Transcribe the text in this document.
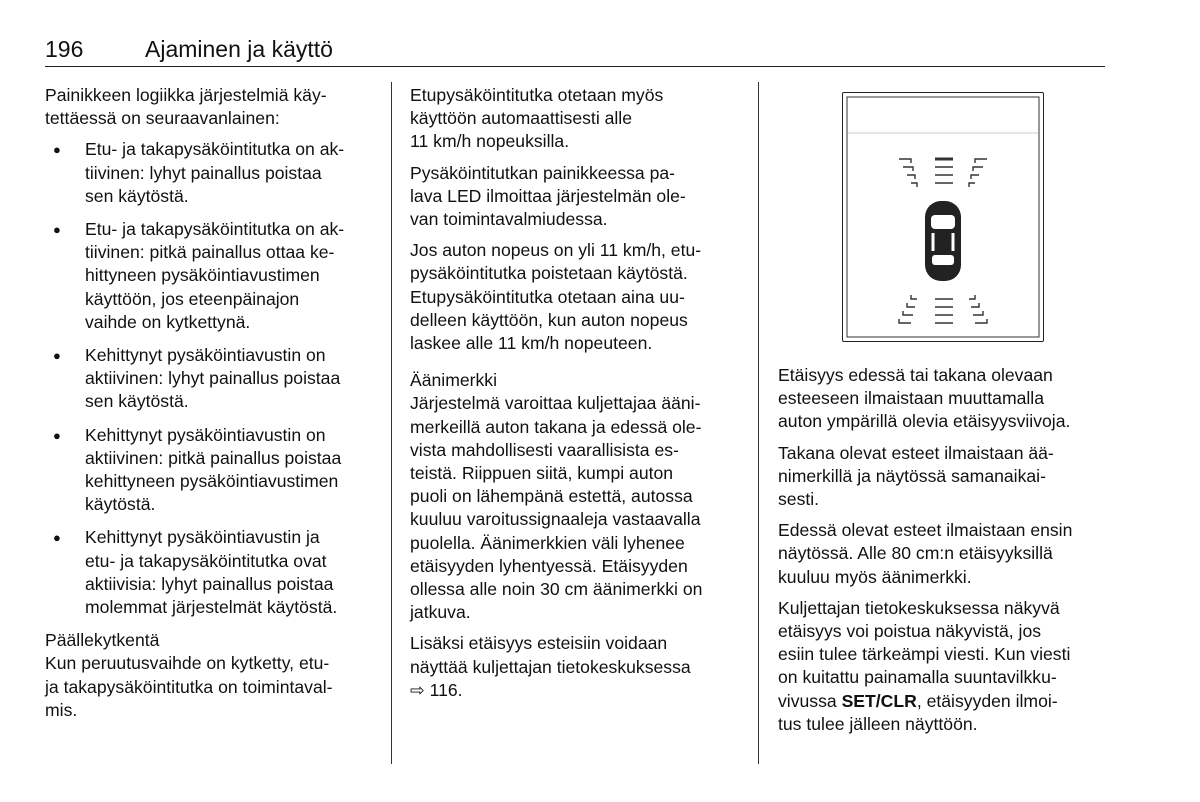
196	Ajaminen ja käyttö

Painikkeen logiikka järjestelmiä käy-
tettäessä on seuraavanlainen:

● Etu- ja takapysäköintitutka on ak-
tiivinen: lyhyt painallus poistaa
sen käytöstä.
● Etu- ja takapysäköintitutka on ak-
tiivinen: pitkä painallus ottaa ke-
hittyneen pysäköintiavustimen
käyttöön, jos eteenpäinajon
vaihde on kytkettynä.
● Kehittynyt pysäköintiavustin on
aktiivinen: lyhyt painallus poistaa
sen käytöstä.
● Kehittynyt pysäköintiavustin on
aktiivinen: pitkä painallus poistaa
kehittyneen pysäköintiavustimen
käytöstä.
● Kehittynyt pysäköintiavustin ja
etu- ja takapysäköintitutka ovat
aktiivisia: lyhyt painallus poistaa
molemmat järjestelmät käytöstä.
Päällekytkentä

Kun peruutusvaihde on kytketty, etu-
ja takapysäköintitutka on toimintaval-
mis.

Etupysäköintitutka otetaan myös
käyttöön automaattisesti alle
11 km/h nopeuksilla.

Pysäköintitutkan painikkeessa pa-
lava LED ilmoittaa järjestelmän ole-
van toimintavalmiudessa.

Jos auton nopeus on yli 11 km/h, etu-
pysäköintitutka poistetaan käytöstä.
Etupysäköintitutka otetaan aina uu-
delleen käyttöön, kun auton nopeus
laskee alle 11 km/h nopeuteen.

Äänimerkki

Järjestelmä varoittaa kuljettajaa ääni-
merkeillä auton takana ja edessä ole-
vista mahdollisesti vaarallisista es-
teistä. Riippuen siitä, kumpi auton
puoli on lähempänä estettä, autossa
kuuluu varoitussignaaleja vastaavalla
puolella. Äänimerkkien väli lyhenee
etäisyyden lyhentyessä. Etäisyyden
ollessa alle noin 30 cm äänimerkki on
jatkuva.

Lisäksi etäisyys esteisiin voidaan
näyttää kuljettajan tietokeskuksessa

⇨ 116.

Etäisyys edessä tai takana olevaan
esteeseen ilmaistaan muuttamalla
auton ympärillä olevia etäisyysviivoja.

Takana olevat esteet ilmaistaan ää-
nimerkillä ja näytössä samanaikai-
sesti.

Edessä olevat esteet ilmaistaan ensin
näytössä. Alle 80 cm:n etäisyyksillä
kuuluu myös äänimerkki.

Kuljettajan tietokeskuksessa näkyvä
etäisyys voi poistua näkyvistä, jos
esiin tulee tärkeämpi viesti. Kun viesti
on kuitattu painamalla suuntavilkku-
vivussa SET/CLR, etäisyyden ilmoi-
tus tulee jälleen näyttöön.
